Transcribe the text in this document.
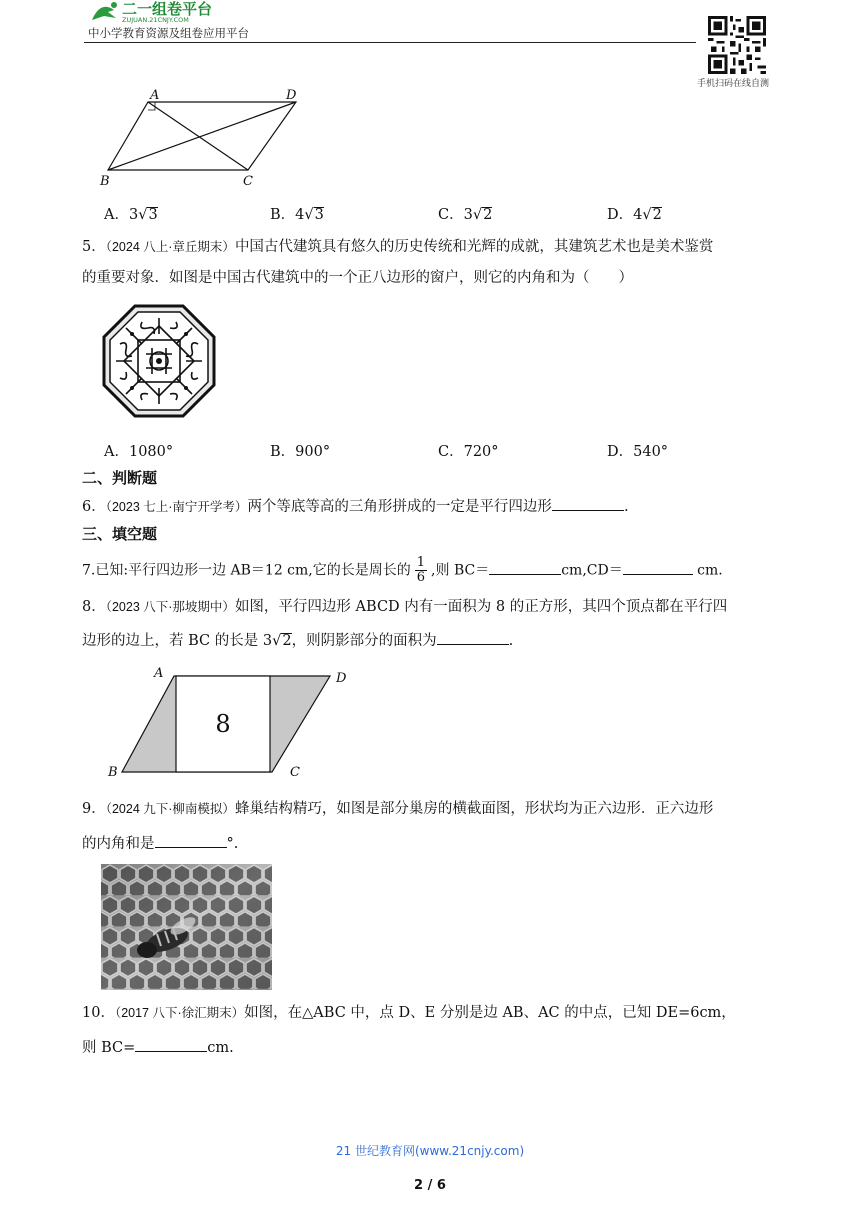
二一组卷平台
ZUJUAN.21CNJY.COM
中小学教育资源及组卷应用平台
手机扫码在线自测
A	D
B	C
A．3√3	B．4√3	C．3√2	D．4√2
5．（2024 八上·章丘期末）中国古代建筑具有悠久的历史传统和光辉的成就，其建筑艺术也是美术鉴赏
的重要对象．如图是中国古代建筑中的一个正八边形的窗户，则它的内角和为（　　）
A．1080°	B．900°	C．720°	D．540°
二、判断题
6．（2023 七上·南宁开学考）两个等底等高的三角形拼成的一定是平行四边形	.
三、填空题
7.已知:平行四边形一边 AB＝12 cm,它的长是周长的 $\frac{1}{6}$ ,则 BC＝	cm,CD＝	cm.
8．（2023 八下·那坡期中）如图，平行四边形 ABCD 内有一面积为 8 的正方形，其四个顶点都在平行四
边形的边上，若 BC 的长是 3√2，则阴影部分的面积为	.
8
A	D
B	C
9．（2024 九下·柳南模拟）蜂巢结构精巧，如图是部分巢房的横截面图，形状均为正六边形．正六边形
的内角和是	°.
10．（2017 八下·徐汇期末）如图，在△ABC 中，点 D、E 分别是边 AB、AC 的中点，已知 DE=6cm，
则 BC=	cm.
21 世纪教育网(www.21cnjy.com)
2 / 6
